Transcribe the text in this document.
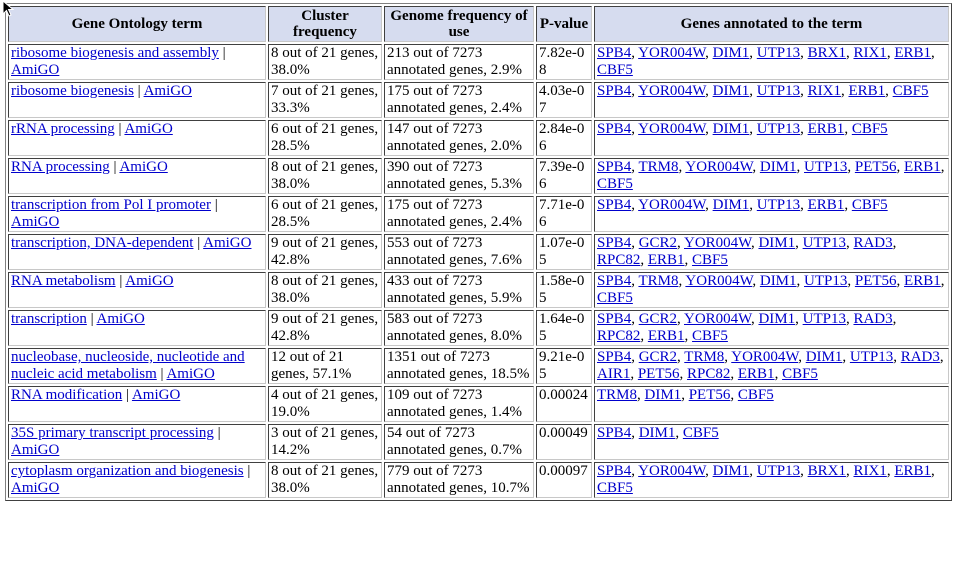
Gene Ontology term	Cluster frequency	Genome frequency of use	P-value	Genes annotated to the term
ribosome biogenesis and assembly | AmiGO	8 out of 21 genes, 38.0%	213 out of 7273 annotated genes, 2.9%	7.82e-08	SPB4, YOR004W, DIM1, UTP13, BRX1, RIX1, ERB1, CBF5
ribosome biogenesis | AmiGO	7 out of 21 genes, 33.3%	175 out of 7273 annotated genes, 2.4%	4.03e-07	SPB4, YOR004W, DIM1, UTP13, RIX1, ERB1, CBF5
rRNA processing | AmiGO	6 out of 21 genes, 28.5%	147 out of 7273 annotated genes, 2.0%	2.84e-06	SPB4, YOR004W, DIM1, UTP13, ERB1, CBF5
RNA processing | AmiGO	8 out of 21 genes, 38.0%	390 out of 7273 annotated genes, 5.3%	7.39e-06	SPB4, TRM8, YOR004W, DIM1, UTP13, PET56, ERB1, CBF5
transcription from Pol I promoter | AmiGO	6 out of 21 genes, 28.5%	175 out of 7273 annotated genes, 2.4%	7.71e-06	SPB4, YOR004W, DIM1, UTP13, ERB1, CBF5
transcription, DNA-dependent | AmiGO	9 out of 21 genes, 42.8%	553 out of 7273 annotated genes, 7.6%	1.07e-05	SPB4, GCR2, YOR004W, DIM1, UTP13, RAD3, RPC82, ERB1, CBF5
RNA metabolism | AmiGO	8 out of 21 genes, 38.0%	433 out of 7273 annotated genes, 5.9%	1.58e-05	SPB4, TRM8, YOR004W, DIM1, UTP13, PET56, ERB1, CBF5
transcription | AmiGO	9 out of 21 genes, 42.8%	583 out of 7273 annotated genes, 8.0%	1.64e-05	SPB4, GCR2, YOR004W, DIM1, UTP13, RAD3, RPC82, ERB1, CBF5
nucleobase, nucleoside, nucleotide and nucleic acid metabolism | AmiGO	12 out of 21 genes, 57.1%	1351 out of 7273 annotated genes, 18.5%	9.21e-05	SPB4, GCR2, TRM8, YOR004W, DIM1, UTP13, RAD3, AIR1, PET56, RPC82, ERB1, CBF5
RNA modification | AmiGO	4 out of 21 genes, 19.0%	109 out of 7273 annotated genes, 1.4%	0.00024	TRM8, DIM1, PET56, CBF5
35S primary transcript processing | AmiGO	3 out of 21 genes, 14.2%	54 out of 7273 annotated genes, 0.7%	0.00049	SPB4, DIM1, CBF5
cytoplasm organization and biogenesis | AmiGO	8 out of 21 genes, 38.0%	779 out of 7273 annotated genes, 10.7%	0.00097	SPB4, YOR004W, DIM1, UTP13, BRX1, RIX1, ERB1, CBF5
